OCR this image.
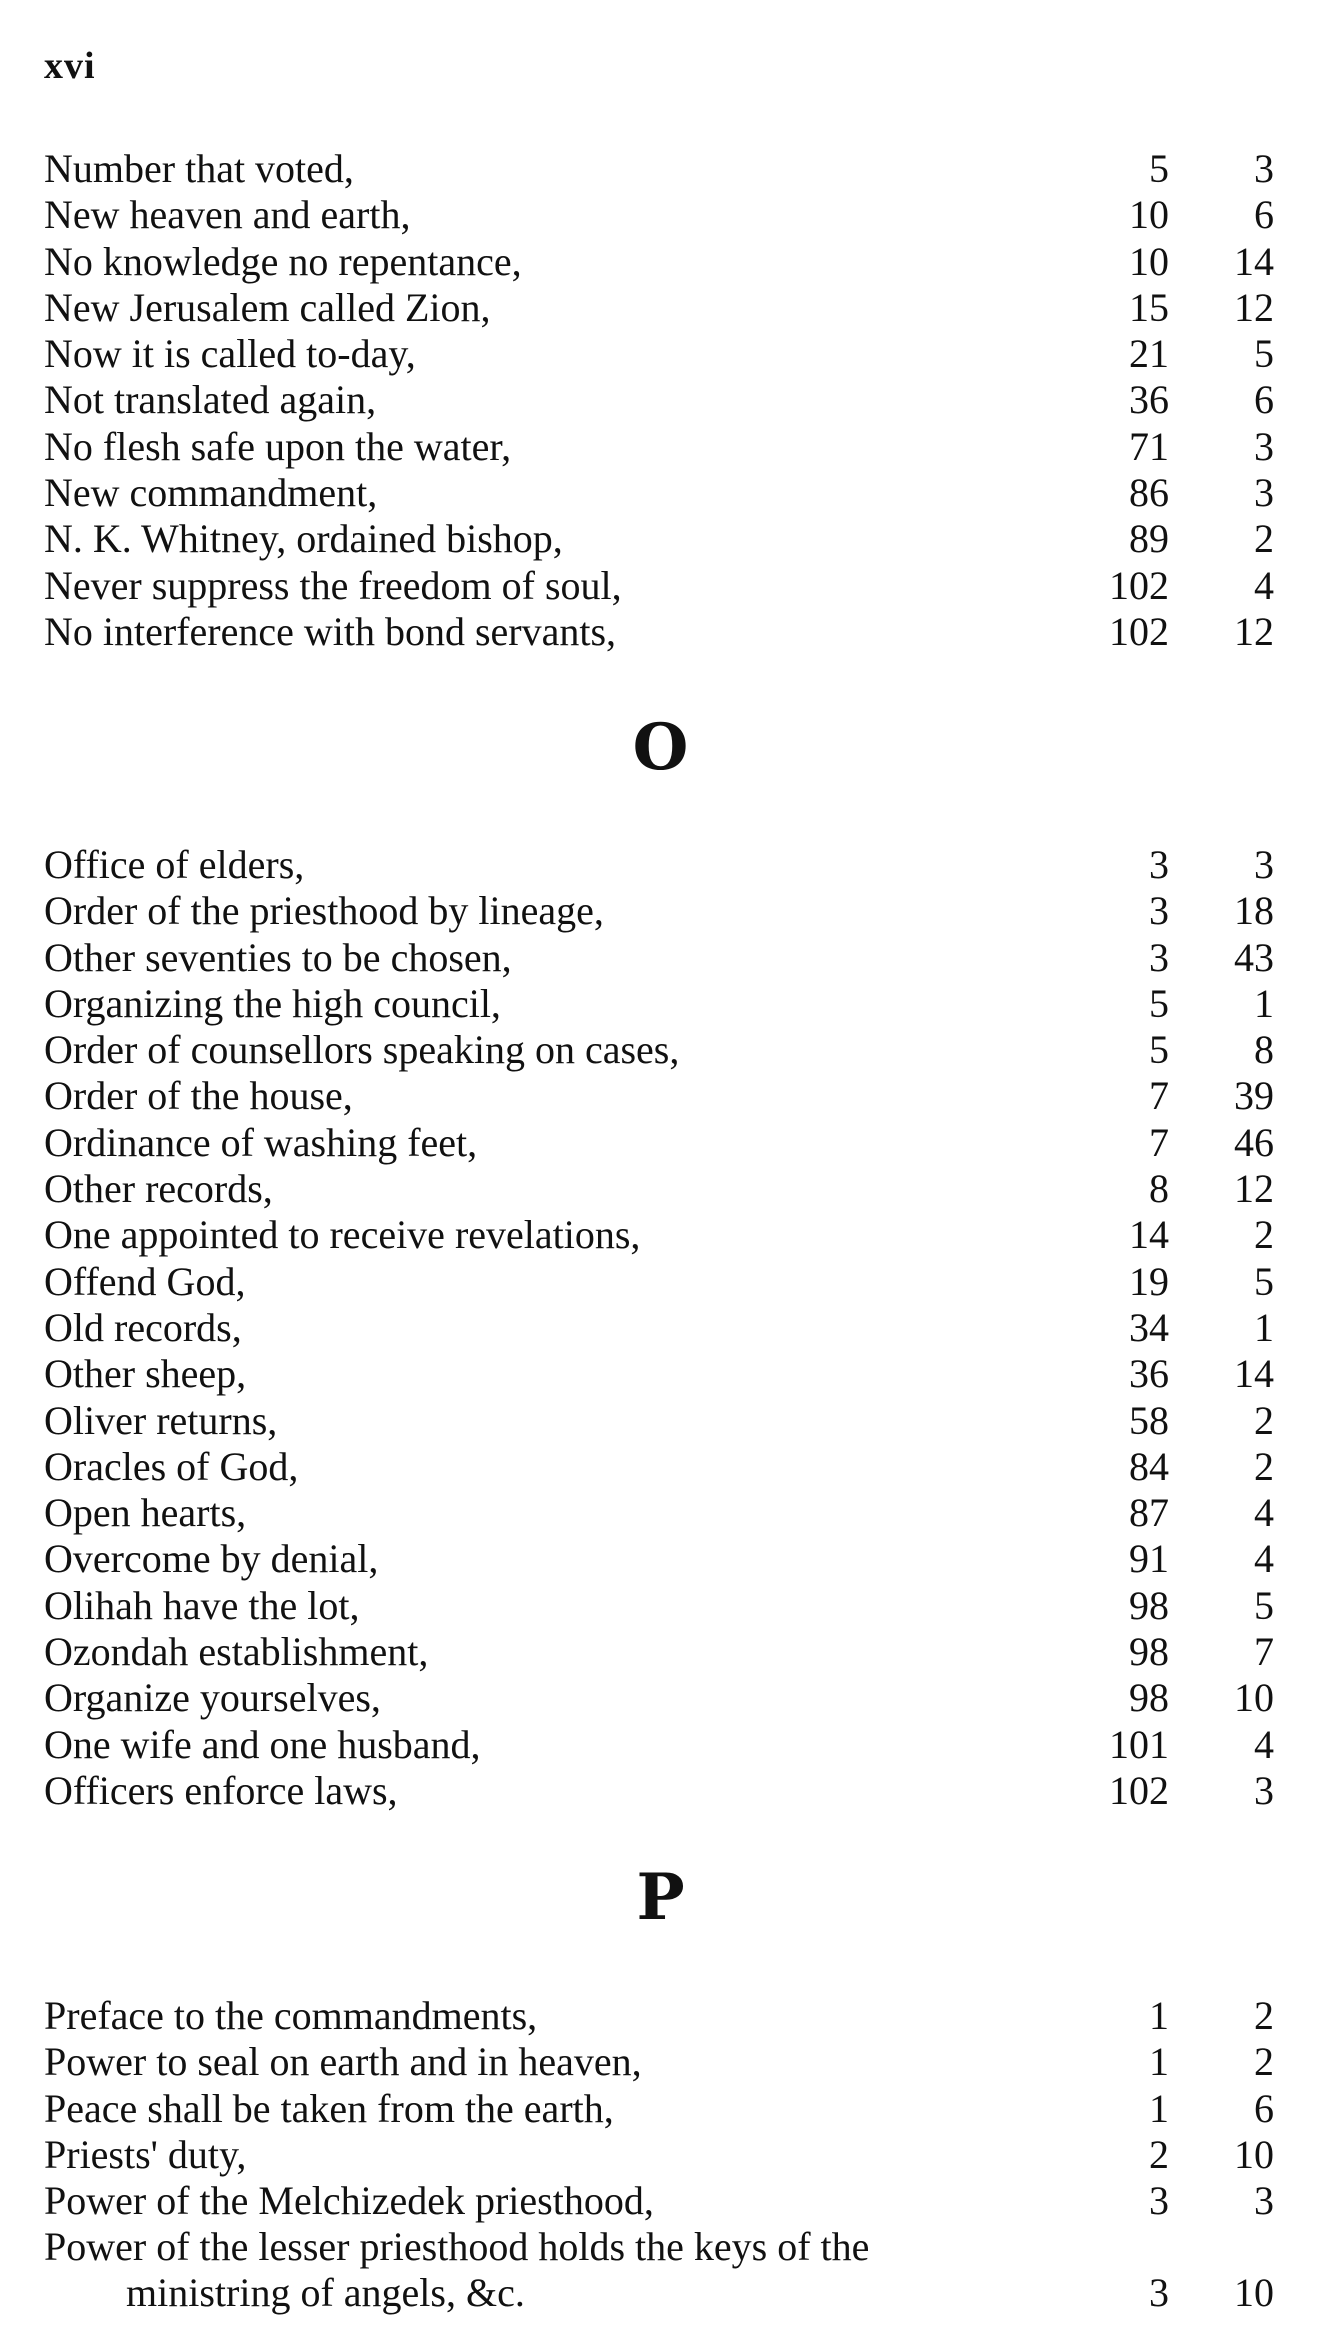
xvi
Number that voted,	5	3
New heaven and earth,	10	6
No knowledge no repentance,	10	14
New Jerusalem called Zion,	15	12
Now it is called to-day,	21	5
Not translated again,	36	6
No flesh safe upon the water,	71	3
New commandment,	86	3
N. K. Whitney, ordained bishop,	89	2
Never suppress the freedom of soul,	102	4
No interference with bond servants,	102	12
O
Office of elders,	3	3
Order of the priesthood by lineage,	3	18
Other seventies to be chosen,	3	43
Organizing the high council,	5	1
Order of counsellors speaking on cases,	5	8
Order of the house,	7	39
Ordinance of washing feet,	7	46
Other records,	8	12
One appointed to receive revelations,	14	2
Offend God,	19	5
Old records,	34	1
Other sheep,	36	14
Oliver returns,	58	2
Oracles of God,	84	2
Open hearts,	87	4
Overcome by denial,	91	4
Olihah have the lot,	98	5
Ozondah establishment,	98	7
Organize yourselves,	98	10
One wife and one husband,	101	4
Officers enforce laws,	102	3
P
Preface to the commandments,	1	2
Power to seal on earth and in heaven,	1	2
Peace shall be taken from the earth,	1	6
Priests' duty,	2	10
Power of the Melchizedek priesthood,	3	3
Power of the lesser priesthood holds the keys of the
ministring of angels, &c.	3	10
